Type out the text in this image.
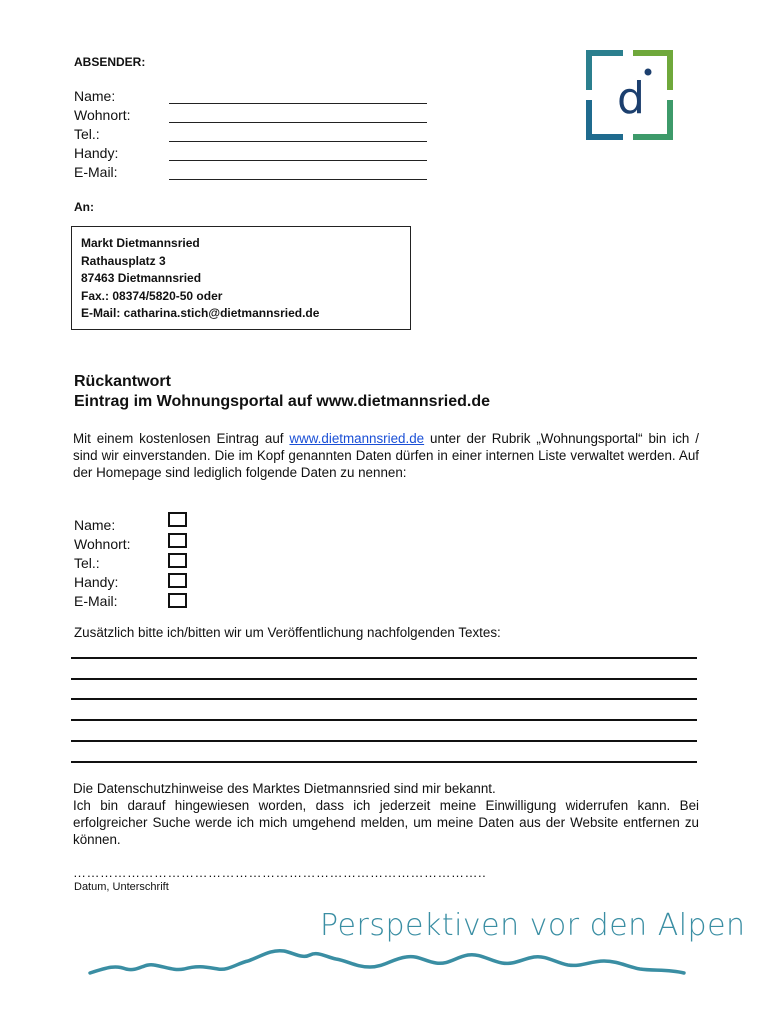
ABSENDER:
Name:
Wohnort:
Tel.:
Handy:
E-Mail:
d
An:
Markt Dietmannsried
Rathausplatz 3
87463 Dietmannsried
Fax.: 08374/5820-50 oder
E-Mail: catharina.stich@dietmannsried.de
Rückantwort
Eintrag im Wohnungsportal auf www.dietmannsried.de
Mit einem kostenlosen Eintrag auf www.dietmannsried.de unter der Rubrik „Wohnungsportal“ bin ich / sind wir einverstanden. Die im Kopf genannten Daten dürfen in einer internen Liste verwaltet werden. Auf der Homepage sind lediglich folgende Daten zu nennen:
Name:
Wohnort:
Tel.:
Handy:
E-Mail:
Zusätzlich bitte ich/bitten wir um Veröffentlichung nachfolgenden Textes:
Die Datenschutzhinweise des Marktes Dietmannsried sind mir bekannt.
Ich bin darauf hingewiesen worden, dass ich jederzeit meine Einwilligung widerrufen kann. Bei erfolgreicher Suche werde ich mich umgehend melden, um meine Daten aus der Website entfernen zu können.
………………………………………………………………………………..
Datum, Unterschrift
Perspektiven vor den Alpen
